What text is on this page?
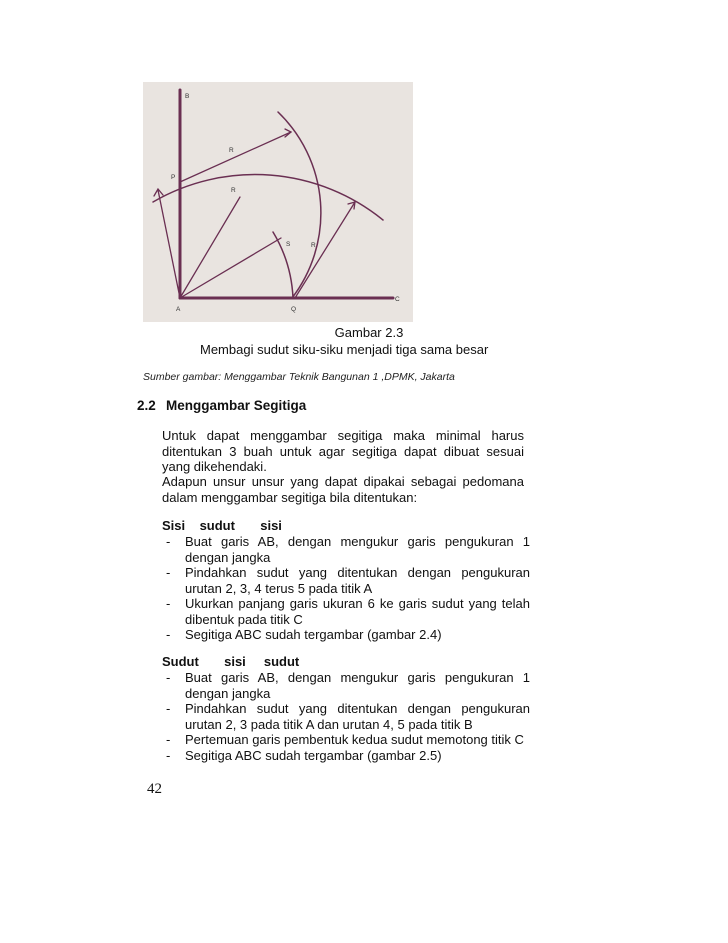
B
P
R
R
S	R
A	Q
C
Gambar 2.3
Membagi sudut siku-siku menjadi tiga sama besar
Sumber gambar: Menggambar Teknik Bangunan 1 ,DPMK, Jakarta
2.2 Menggambar Segitiga
Untuk dapat menggambar segitiga maka minimal harus ditentukan 3 buah untuk agar segitiga dapat dibuat sesuai yang dikehendaki.
Adapun unsur unsur yang dapat dipakai sebagai pedomana dalam menggambar segitiga bila ditentukan:
Sisi    sudut       sisi
- Buat garis AB, dengan mengukur garis pengukuran 1 dengan jangka
- Pindahkan sudut yang ditentukan dengan pengukuran urutan 2, 3, 4 terus 5 pada titik A
- Ukurkan panjang garis ukuran 6 ke garis sudut yang telah dibentuk pada titik C
- Segitiga ABC sudah tergambar (gambar 2.4)
Sudut       sisi     sudut
- Buat garis AB, dengan mengukur garis pengukuran 1 dengan jangka
- Pindahkan sudut yang ditentukan dengan pengukuran urutan 2, 3 pada titik A dan urutan 4, 5 pada titik B
- Pertemuan garis pembentuk kedua sudut memotong titik C
- Segitiga ABC sudah tergambar (gambar 2.5)
42
